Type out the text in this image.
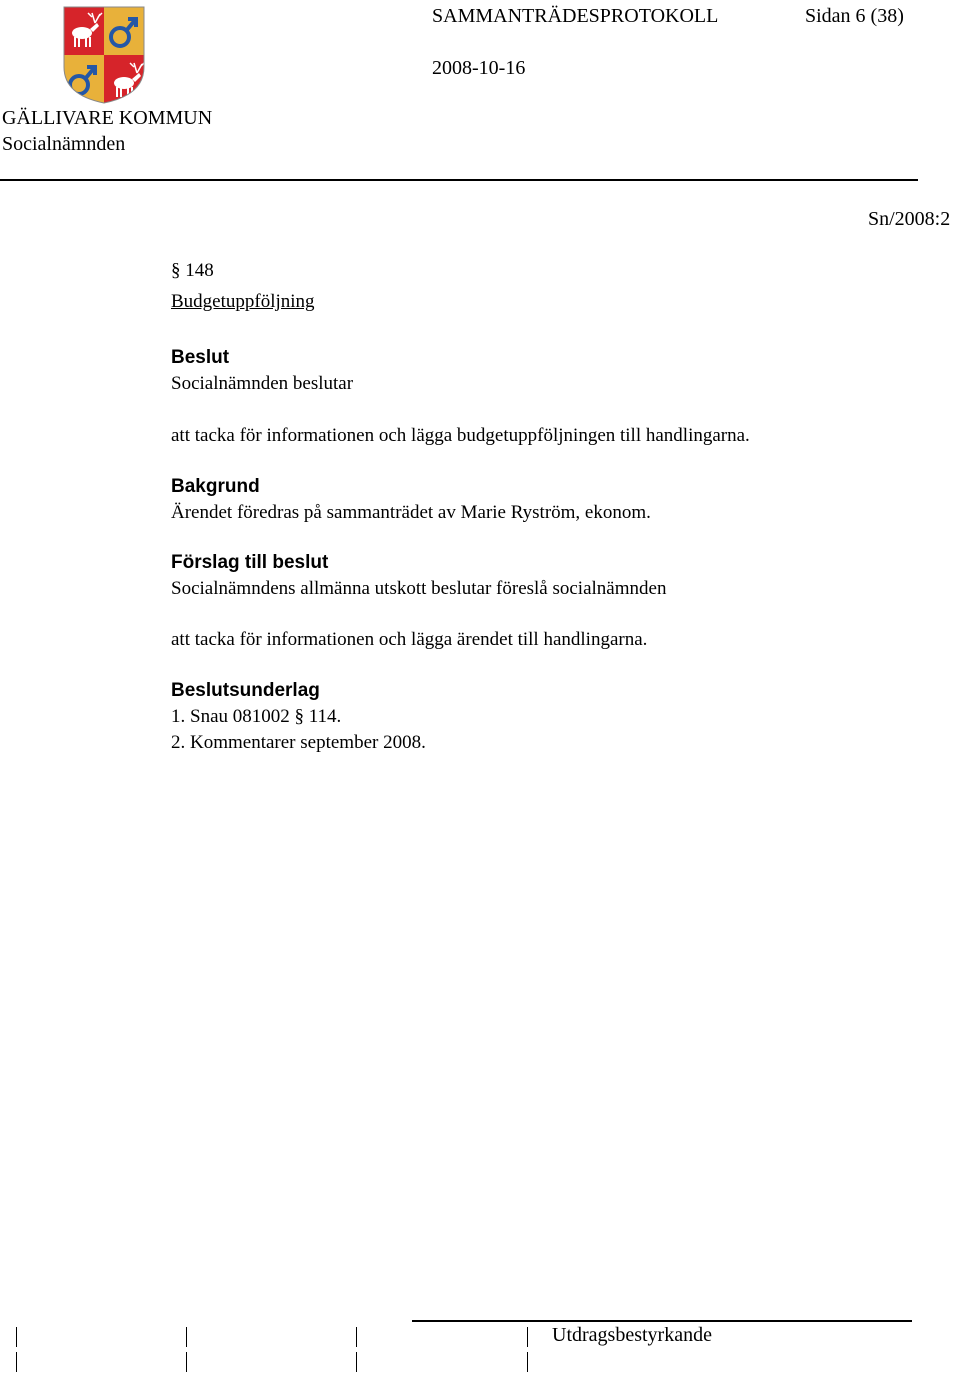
GÄLLIVARE KOMMUN
Socialnämnden
SAMMANTRÄDESPROTOKOLL	Sidan 6 (38)
2008-10-16
Sn/2008:2
§ 148
Budgetuppföljning
Beslut
Socialnämnden beslutar
att tacka för informationen och lägga budgetuppföljningen till handlingarna.
Bakgrund
Ärendet föredras på sammanträdet av Marie Ryström, ekonom.
Förslag till beslut
Socialnämndens allmänna utskott beslutar föreslå socialnämnden
att tacka för informationen och lägga ärendet till handlingarna.
Beslutsunderlag
1. Snau 081002 § 114.
2. Kommentarer september 2008.
Utdragsbestyrkande
